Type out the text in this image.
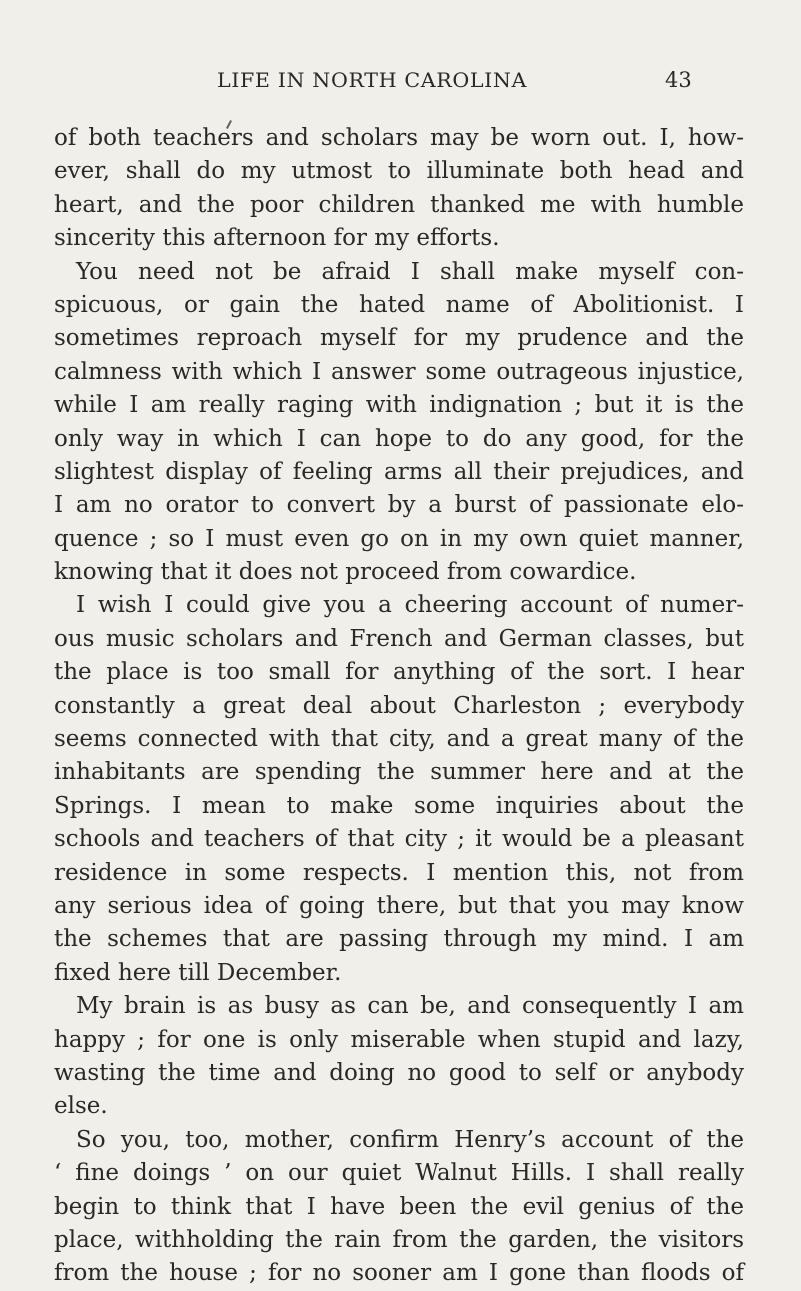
LIFE IN NORTH CAROLINA	43
of both teachers and scholars may be worn out. I, how-
ever, shall do my utmost to illuminate both head and
heart, and the poor children thanked me with humble
sincerity this afternoon for my efforts.
You need not be afraid I shall make myself con-
spicuous, or gain the hated name of Abolitionist. I
sometimes reproach myself for my prudence and the
calmness with which I answer some outrageous injustice,
while I am really raging with indignation ; but it is the
only way in which I can hope to do any good, for the
slightest display of feeling arms all their prejudices, and
I am no orator to convert by a burst of passionate elo-
quence ; so I must even go on in my own quiet manner,
knowing that it does not proceed from cowardice.
I wish I could give you a cheering account of numer-
ous music scholars and French and German classes, but
the place is too small for anything of the sort. I hear
constantly a great deal about Charleston ; everybody
seems connected with that city, and a great many of the
inhabitants are spending the summer here and at the
Springs. I mean to make some inquiries about the
schools and teachers of that city ; it would be a pleasant
residence in some respects. I mention this, not from
any serious idea of going there, but that you may know
the schemes that are passing through my mind. I am
fixed here till December.
My brain is as busy as can be, and consequently I am
happy ; for one is only miserable when stupid and lazy,
wasting the time and doing no good to self or anybody
else.
So you, too, mother, confirm Henry’s account of the
‘ fine doings ’ on our quiet Walnut Hills. I shall really
begin to think that I have been the evil genius of the
place, withholding the rain from the garden, the visitors
from the house ; for no sooner am I gone than floods of
